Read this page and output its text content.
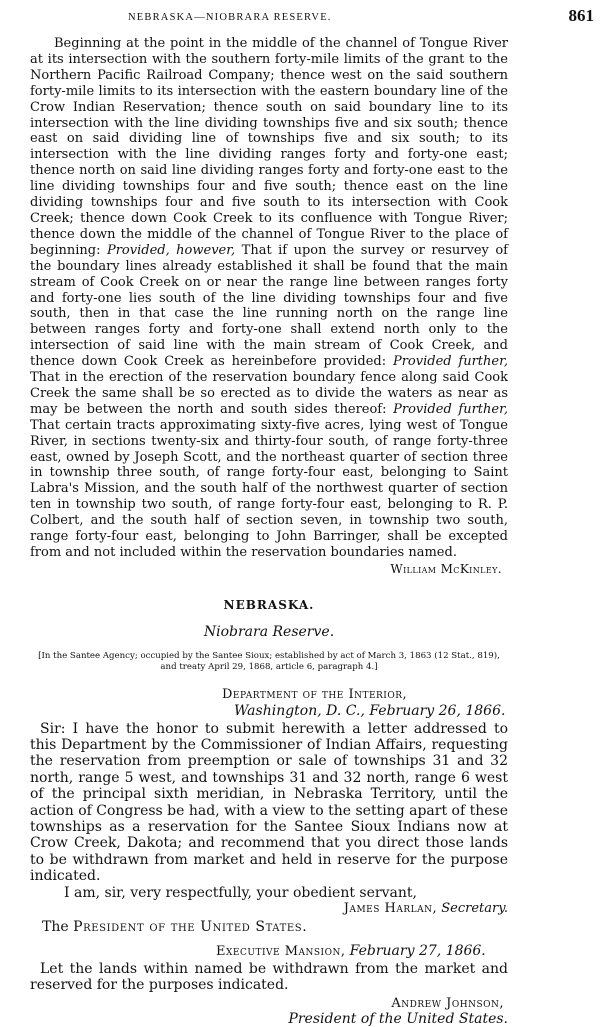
NEBRASKA—NIOBRARA RESERVE.	861

Beginning at the point in the middle of the channel of Tongue River at its intersection with the southern forty-mile limits of the grant to the Northern Pacific Railroad Company; thence west on the said southern forty-mile limits to its intersection with the eastern boundary line of the Crow Indian Reservation; thence south on said boundary line to its intersection with the line dividing townships five and six south; thence east on said dividing line of townships five and six south; to its intersection with the line dividing ranges forty and forty-one east; thence north on said line dividing ranges forty and forty-one east to the line dividing townships four and five south; thence east on the line dividing townships four and five south to its intersection with Cook Creek; thence down Cook Creek to its confluence with Tongue River; thence down the middle of the channel of Tongue River to the place of beginning: Provided, however, That if upon the survey or resurvey of the boundary lines already established it shall be found that the main stream of Cook Creek on or near the range line between ranges forty and forty-one lies south of the line dividing townships four and five south, then in that case the line running north on the range line between ranges forty and forty-one shall extend north only to the intersection of said line with the main stream of Cook Creek, and thence down Cook Creek as hereinbefore provided: Provided further, That in the erection of the reservation boundary fence along said Cook Creek the same shall be so erected as to divide the waters as near as may be between the north and south sides thereof: Provided further, That certain tracts approximating sixty-five acres, lying west of Tongue River, in sections twenty-six and thirty-four south, of range forty-three east, owned by Joseph Scott, and the northeast quarter of section three in township three south, of range forty-four east, belonging to Saint Labra's Mission, and the south half of the northwest quarter of section ten in township two south, of range forty-four east, belonging to R. P. Colbert, and the south half of section seven, in township two south, range forty-four east, belonging to John Barringer, shall be excepted from and not included within the reservation boundaries named.

William McKinley.

NEBRASKA.

Niobrara Reserve.

[In the Santee Agency; occupied by the Santee Sioux; established by act of March 3, 1863 (12 Stat., 819),
and treaty April 29, 1868, article 6, paragraph 4.]

Department of the Interior,
Washington, D. C., February 26, 1866.

Sir: I have the honor to submit herewith a letter addressed to this Department by the Commissioner of Indian Affairs, requesting the reservation from preemption or sale of townships 31 and 32 north, range 5 west, and townships 31 and 32 north, range 6 west of the principal sixth meridian, in Nebraska Territory, until the action of Congress be had, with a view to the setting apart of these townships as a reservation for the Santee Sioux Indians now at Crow Creek, Dakota; and recommend that you direct those lands to be withdrawn from market and held in reserve for the purpose indicated.

I am, sir, very respectfully, your obedient servant,

James Harlan, Secretary.

The President of the United States.

Executive Mansion, February 27, 1866.

Let the lands within named be withdrawn from the market and reserved for the purposes indicated.

Andrew Johnson,

President of the United States.
